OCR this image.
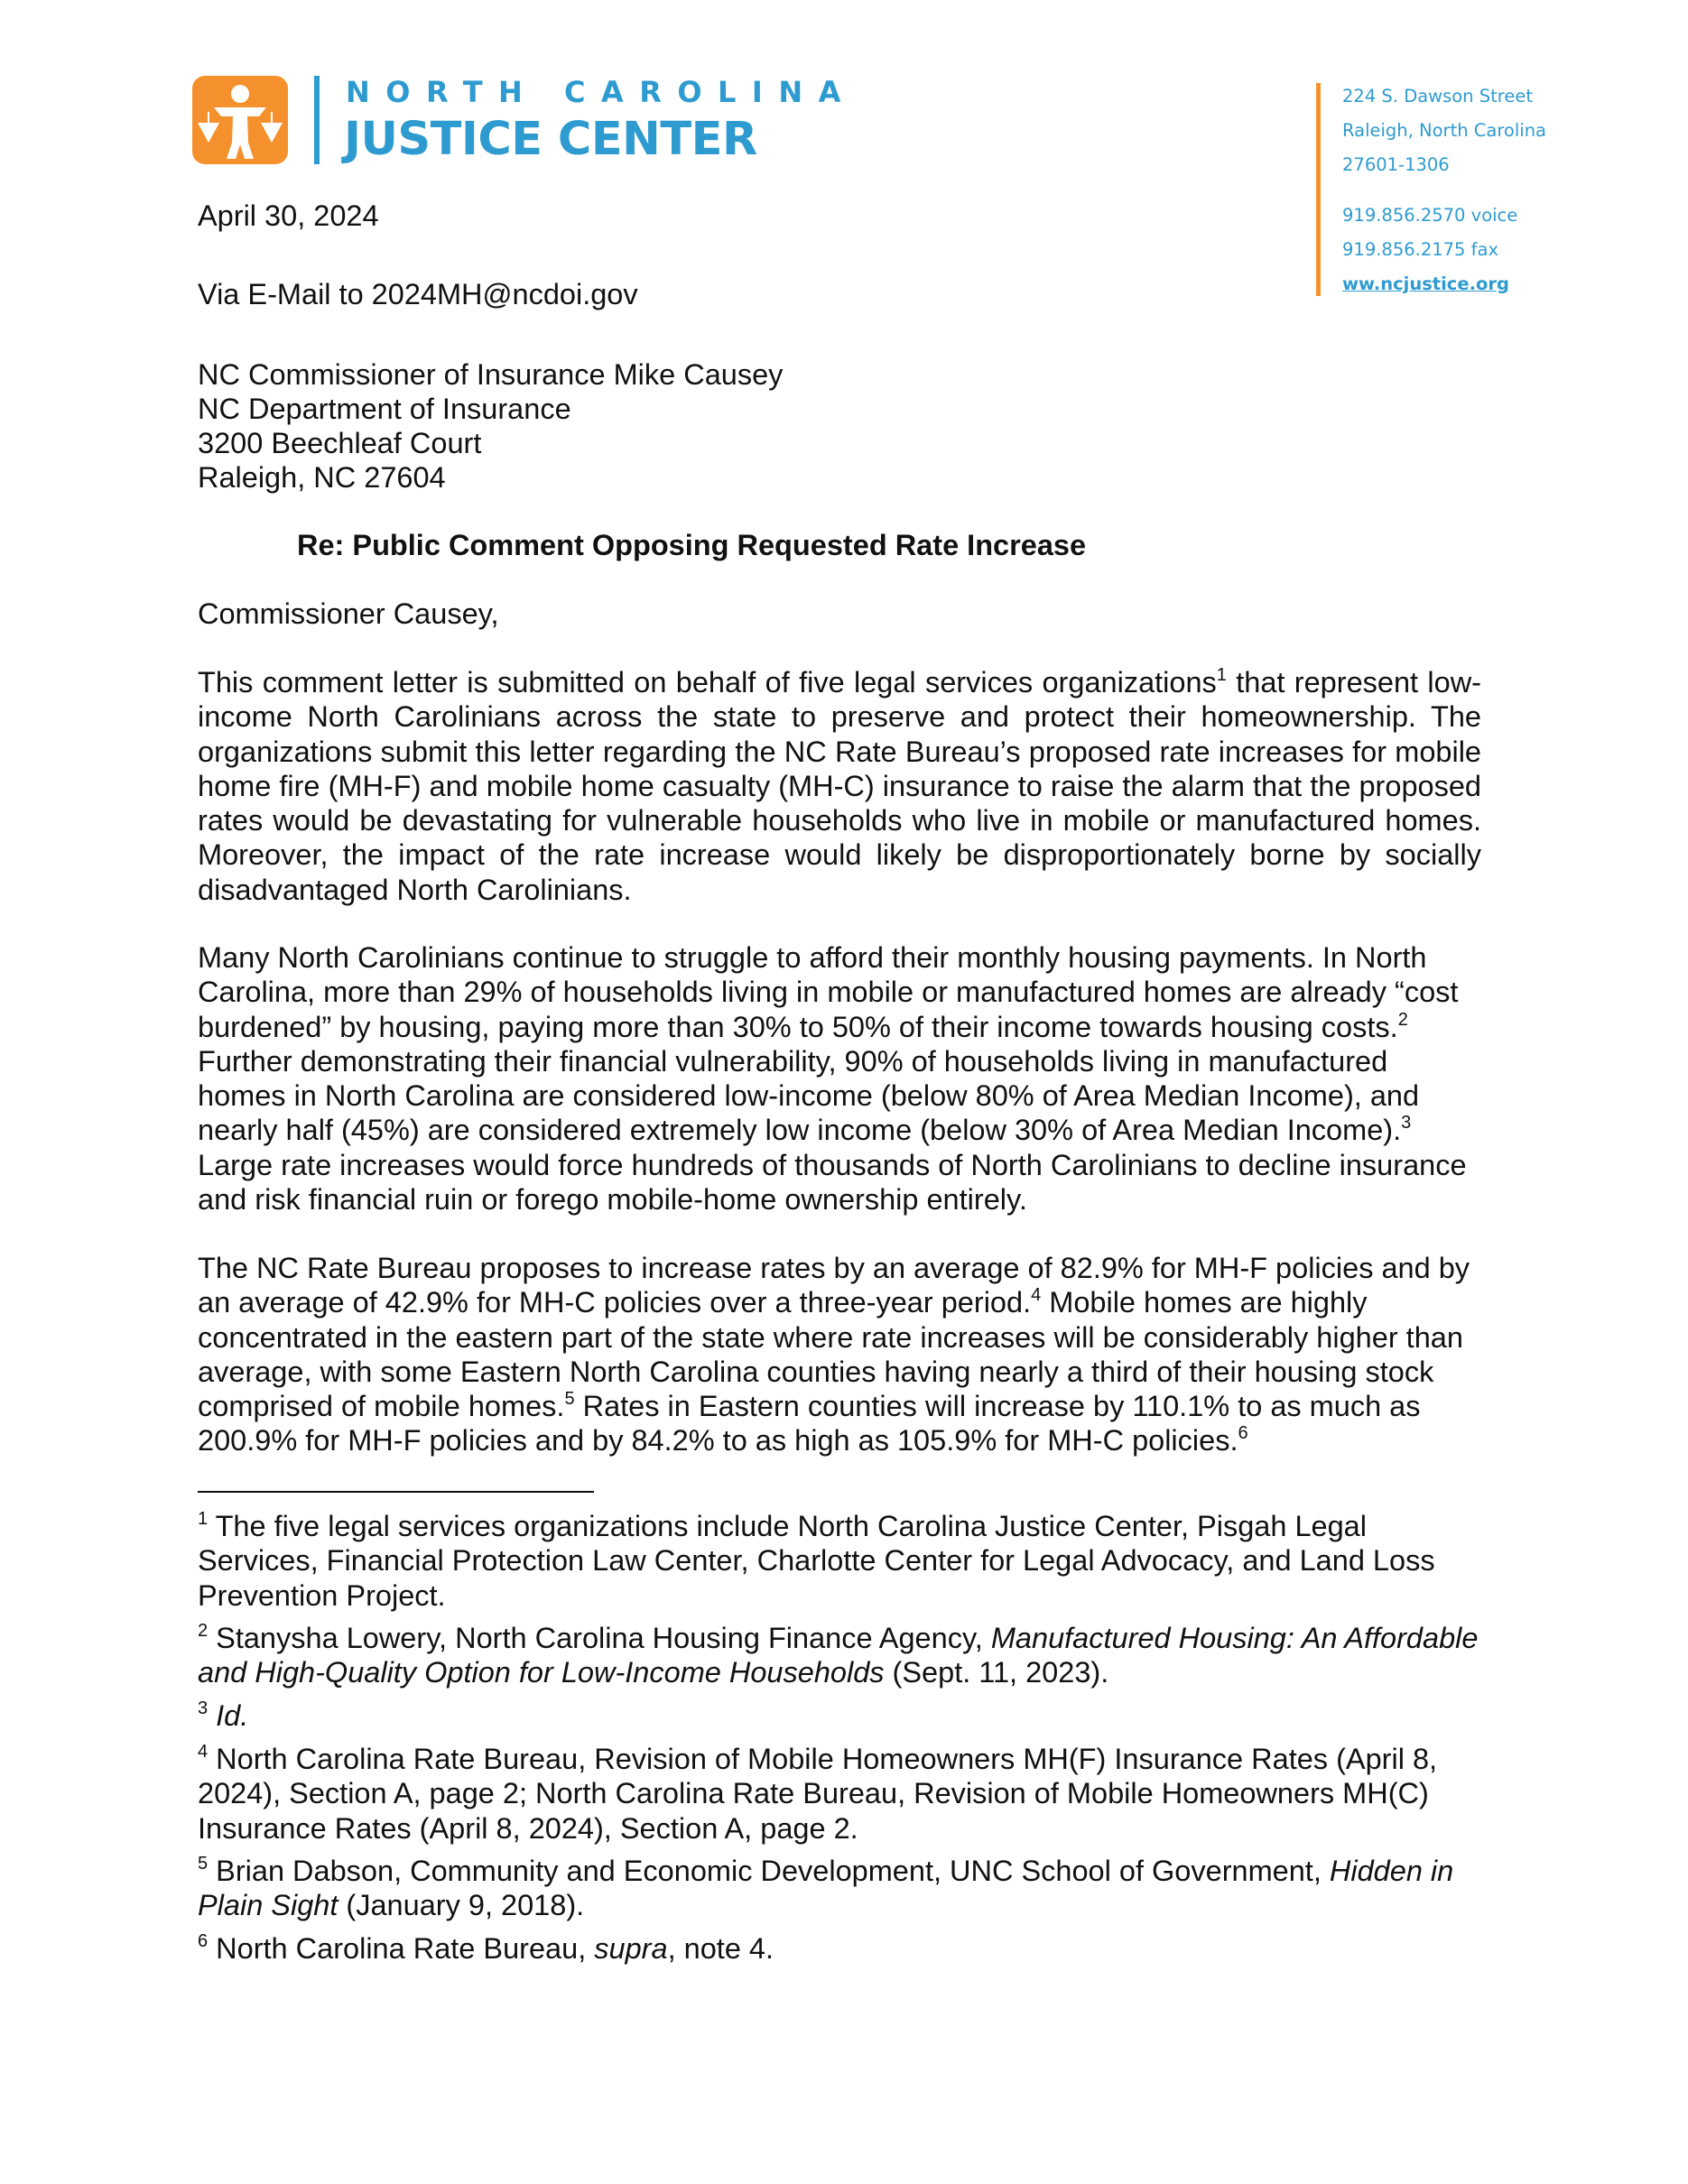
NORTH CAROLINA
JUSTICE CENTER
224 S. Dawson Street
Raleigh, North Carolina
27601-1306
919.856.2570 voice
919.856.2175 fax
ww.ncjustice.org
April 30, 2024
Via E-Mail to 2024MH@ncdoi.gov
NC Commissioner of Insurance Mike Causey
NC Department of Insurance
3200 Beechleaf Court
Raleigh, NC 27604
Re: Public Comment Opposing Requested Rate Increase
Commissioner Causey,
This comment letter is submitted on behalf of five legal services organizations$^1$ that represent low-income North Carolinians across the state to preserve and protect their homeownership. The organizations submit this letter regarding the NC Rate Bureau’s proposed rate increases for mobile home fire (MH-F) and mobile home casualty (MH-C) insurance to raise the alarm that the proposed rates would be devastating for vulnerable households who live in mobile or manufactured homes. Moreover, the impact of the rate increase would likely be disproportionately borne by socially disadvantaged North Carolinians.
Many North Carolinians continue to struggle to afford their monthly housing payments. In North Carolina, more than 29% of households living in mobile or manufactured homes are already “cost burdened” by housing, paying more than 30% to 50% of their income towards housing costs.$^2$ Further demonstrating their financial vulnerability, 90% of households living in manufactured homes in North Carolina are considered low-income (below 80% of Area Median Income), and nearly half (45%) are considered extremely low income (below 30% of Area Median Income).$^3$ Large rate increases would force hundreds of thousands of North Carolinians to decline insurance and risk financial ruin or forego mobile-home ownership entirely.
The NC Rate Bureau proposes to increase rates by an average of 82.9% for MH-F policies and by an average of 42.9% for MH-C policies over a three-year period.$^4$ Mobile homes are highly concentrated in the eastern part of the state where rate increases will be considerably higher than average, with some Eastern North Carolina counties having nearly a third of their housing stock comprised of mobile homes.$^5$ Rates in Eastern counties will increase by 110.1% to as much as 200.9% for MH-F policies and by 84.2% to as high as 105.9% for MH-C policies.$^6$
$^1$ The five legal services organizations include North Carolina Justice Center, Pisgah Legal Services, Financial Protection Law Center, Charlotte Center for Legal Advocacy, and Land Loss Prevention Project.
$^2$ Stanysha Lowery, North Carolina Housing Finance Agency, Manufactured Housing: An Affordable and High-Quality Option for Low-Income Households (Sept. 11, 2023).
$^3$ Id.
$^4$ North Carolina Rate Bureau, Revision of Mobile Homeowners MH(F) Insurance Rates (April 8, 2024), Section A, page 2; North Carolina Rate Bureau, Revision of Mobile Homeowners MH(C) Insurance Rates (April 8, 2024), Section A, page 2.
$^5$ Brian Dabson, Community and Economic Development, UNC School of Government, Hidden in Plain Sight (January 9, 2018).
$^6$ North Carolina Rate Bureau, supra, note 4.
